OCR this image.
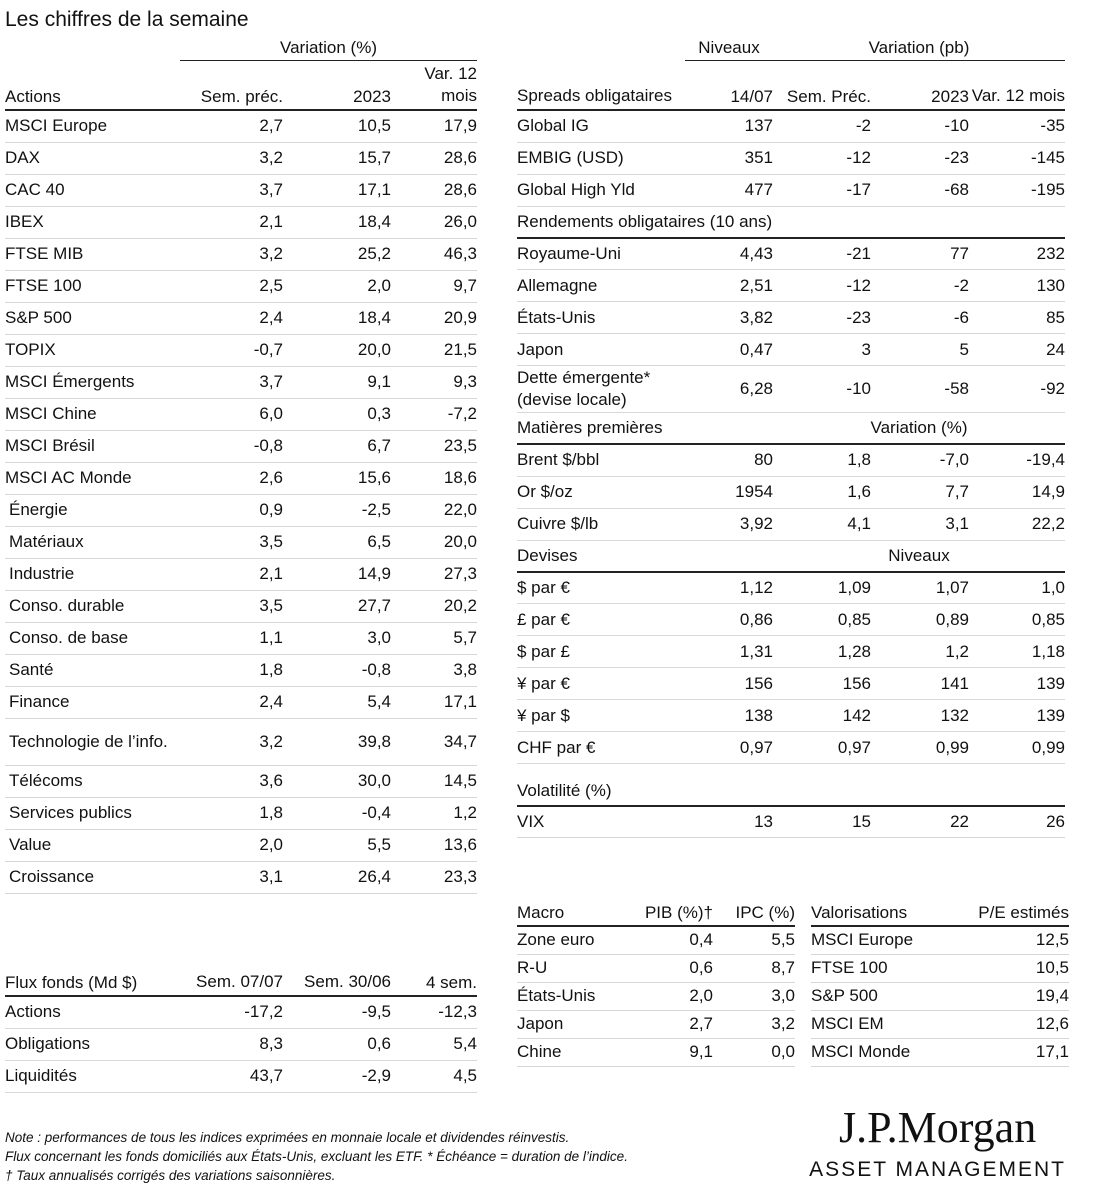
Les chiffres de la semaine
	Variation (%)		
Actions	Sem. préc.	2023	Var. 12 mois
MSCI Europe	2,7	10,5	17,9
DAX	3,2	15,7	28,6
CAC 40	3,7	17,1	28,6
IBEX	2,1	18,4	26,0
FTSE MIB	3,2	25,2	46,3
FTSE 100	2,5	2,0	9,7
S&P 500	2,4	18,4	20,9
TOPIX	-0,7	20,0	21,5
MSCI Émergents	3,7	9,1	9,3
MSCI Chine	6,0	0,3	-7,2
MSCI Brésil	-0,8	6,7	23,5
MSCI AC Monde	2,6	15,6	18,6
Énergie	0,9	-2,5	22,0
Matériaux	3,5	6,5	20,0
Industrie	2,1	14,9	27,3
Conso. durable	3,5	27,7	20,2
Conso. de base	1,1	3,0	5,7
Santé	1,8	-0,8	3,8
Finance	2,4	5,4	17,1
Technologie de l’info.	3,2	39,8	34,7
Télécoms	3,6	30,0	14,5
Services publics	1,8	-0,4	1,2
Value	2,0	5,5	13,6
Croissance	3,1	26,4	23,3
Flux fonds (Md $)	Sem. 07/07	Sem. 30/06	4 sem.
Actions	-17,2	-9,5	-12,3
Obligations	8,3	0,6	5,4
Liquidités	43,7	-2,9	4,5
	Niveaux	Variation (pb)		
Spreads obligataires	14/07	Sem. Préc.	2023	Var. 12 mois
Global IG	137	-2	-10	-35
EMBIG (USD)	351	-12	-23	-145
Global High Yld	477	-17	-68	-195
Rendements obligataires (10 ans)				
Royaume-Uni	4,43	-21	77	232
Allemagne	2,51	-12	-2	130
États-Unis	3,82	-23	-6	85
Japon	0,47	3	5	24
Dette émergente* (devise locale)	6,28	-10	-58	-92
Matières premières		Variation (%)		
Brent $/bbl	80	1,8	-7,0	-19,4
Or $/oz	1954	1,6	7,7	14,9
Cuivre $/lb	3,92	4,1	3,1	22,2
Devises		Niveaux		
$ par €	1,12	1,09	1,07	1,0
£ par €	0,86	0,85	0,89	0,85
$ par £	1,31	1,28	1,2	1,18
¥ par €	156	156	141	139
¥ par $	138	142	132	139
CHF par €	0,97	0,97	0,99	0,99
Volatilité (%)				
VIX	13	15	22	26
Macro	PIB (%)†	IPC (%)
Zone euro	0,4	5,5
R-U	0,6	8,7
États-Unis	2,0	3,0
Japon	2,7	3,2
Chine	9,1	0,0
Valorisations	P/E estimés
MSCI Europe	12,5
FTSE 100	10,5
S&P 500	19,4
MSCI EM	12,6
MSCI Monde	17,1
Note : performances de tous les indices exprimées en monnaie locale et dividendes réinvestis.
Flux concernant les fonds domiciliés aux États-Unis, excluant les ETF. * Échéance = duration de l’indice.
† Taux annualisés corrigés des variations saisonnières.
J.P.Morgan
ASSET MANAGEMENT
